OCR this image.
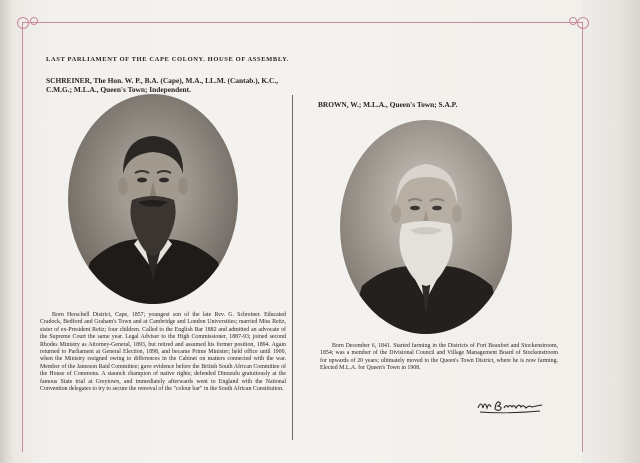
LAST PARLIAMENT OF THE CAPE COLONY. HOUSE OF ASSEMBLY.
SCHREINER, The Hon. W. P., B.A. (Cape), M.A., LL.M. (Cantab.), K.C., C.M.G.; M.L.A., Queen's Town; Independent.
Born Herschell District, Cape, 1857; youngest son of the late Rev. G. Schreiner. Educated Cradock, Bedford and Graham's Town and at Cambridge and London Universities; married Miss Reitz, sister of ex-President Reitz; four children. Called to the English Bar 1882 and admitted an advocate of the Supreme Court the same year. Legal Adviser to the High Commissioner, 1887-93; joined second Rhodes Ministry as Attorney-General, 1893, but retired and assumed his former position, 1894. Again returned to Parliament at General Election, 1898, and became Prime Minister; held office until 1900, when the Ministry resigned owing to differences in the Cabinet on matters connected with the war. Member of the Jameson Raid Committee; gave evidence before the British South African Committee of the House of Commons. A staunch champion of native rights; defended Dinuzulu gratuitously at the famous State trial at Greytown, and immediately afterwards went to England with the National Convention delegates to try to secure the removal of the "colour bar" in the South African Constitution.
BROWN, W.; M.L.A., Queen's Town; S.A.P.
Born December 6, 1841. Started farming in the Districts of Fort Beaufort and Stockenstroom, 1854; was a member of the Divisional Council and Village Management Board of Stockenstroom for upwards of 20 years; ultimately moved to the Queen's Town District, where he is now farming. Elected M.L.A. for Queen's Town in 1908.
